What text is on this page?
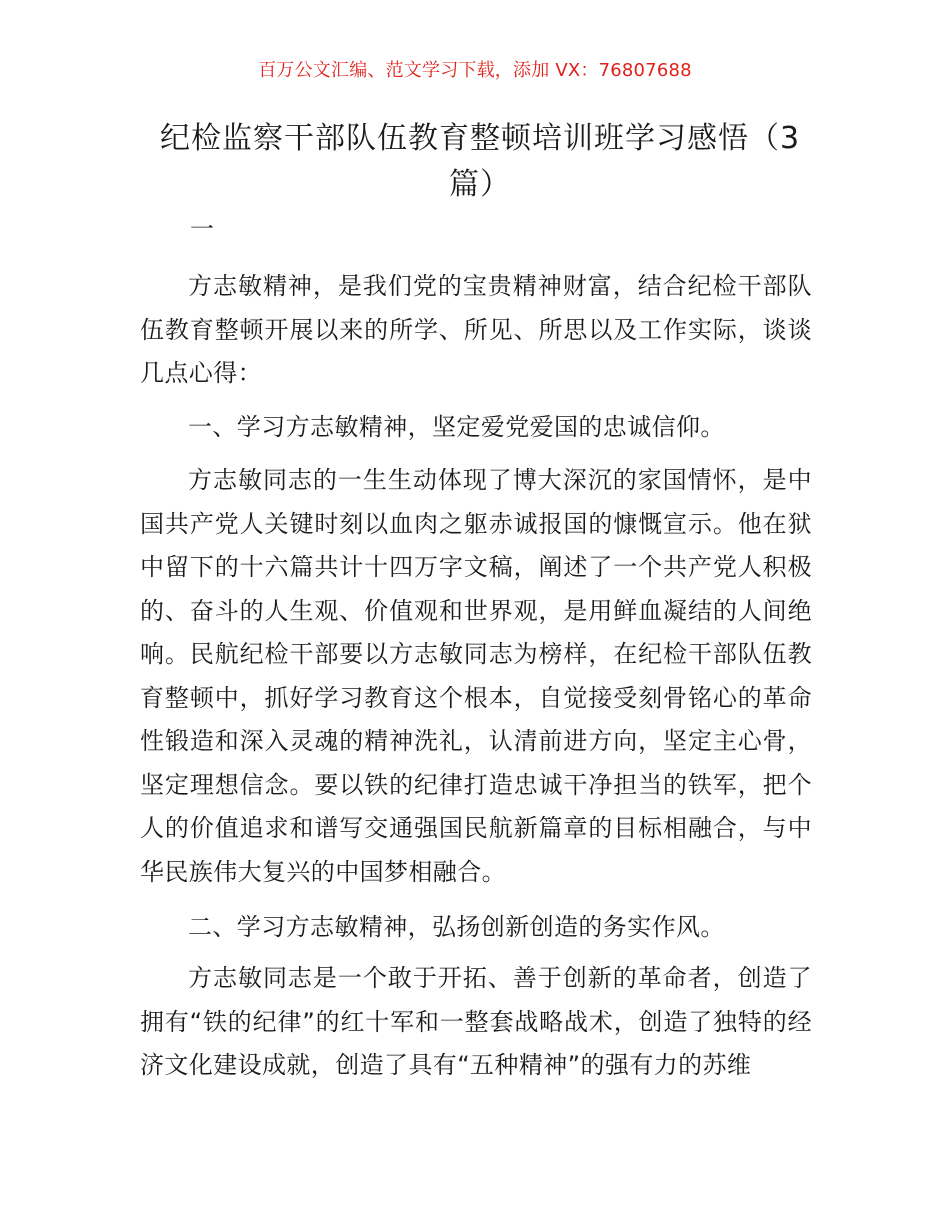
百万公文汇编、范文学习下载，添加 VX：76807688
纪检监察干部队伍教育整顿培训班学习感悟（3篇）
一

方志敏精神，是我们党的宝贵精神财富，结合纪检干部队伍教育整顿开展以来的所学、所见、所思以及工作实际，谈谈几点心得：

一、学习方志敏精神，坚定爱党爱国的忠诚信仰。

方志敏同志的一生生动体现了博大深沉的家国情怀，是中国共产党人关键时刻以血肉之躯赤诚报国的慷慨宣示。他在狱中留下的十六篇共计十四万字文稿，阐述了一个共产党人积极的、奋斗的人生观、价值观和世界观，是用鲜血凝结的人间绝响。民航纪检干部要以方志敏同志为榜样，在纪检干部队伍教育整顿中，抓好学习教育这个根本，自觉接受刻骨铭心的革命性锻造和深入灵魂的精神洗礼，认清前进方向，坚定主心骨，坚定理想信念。要以铁的纪律打造忠诚干净担当的铁军，把个人的价值追求和谱写交通强国民航新篇章的目标相融合，与中华民族伟大复兴的中国梦相融合。

二、学习方志敏精神，弘扬创新创造的务实作风。

方志敏同志是一个敢于开拓、善于创新的革命者，创造了拥有“铁的纪律”的红十军和一整套战略战术，创造了独特的经济文化建设成就，创造了具有“五种精神”的强有力的苏维
